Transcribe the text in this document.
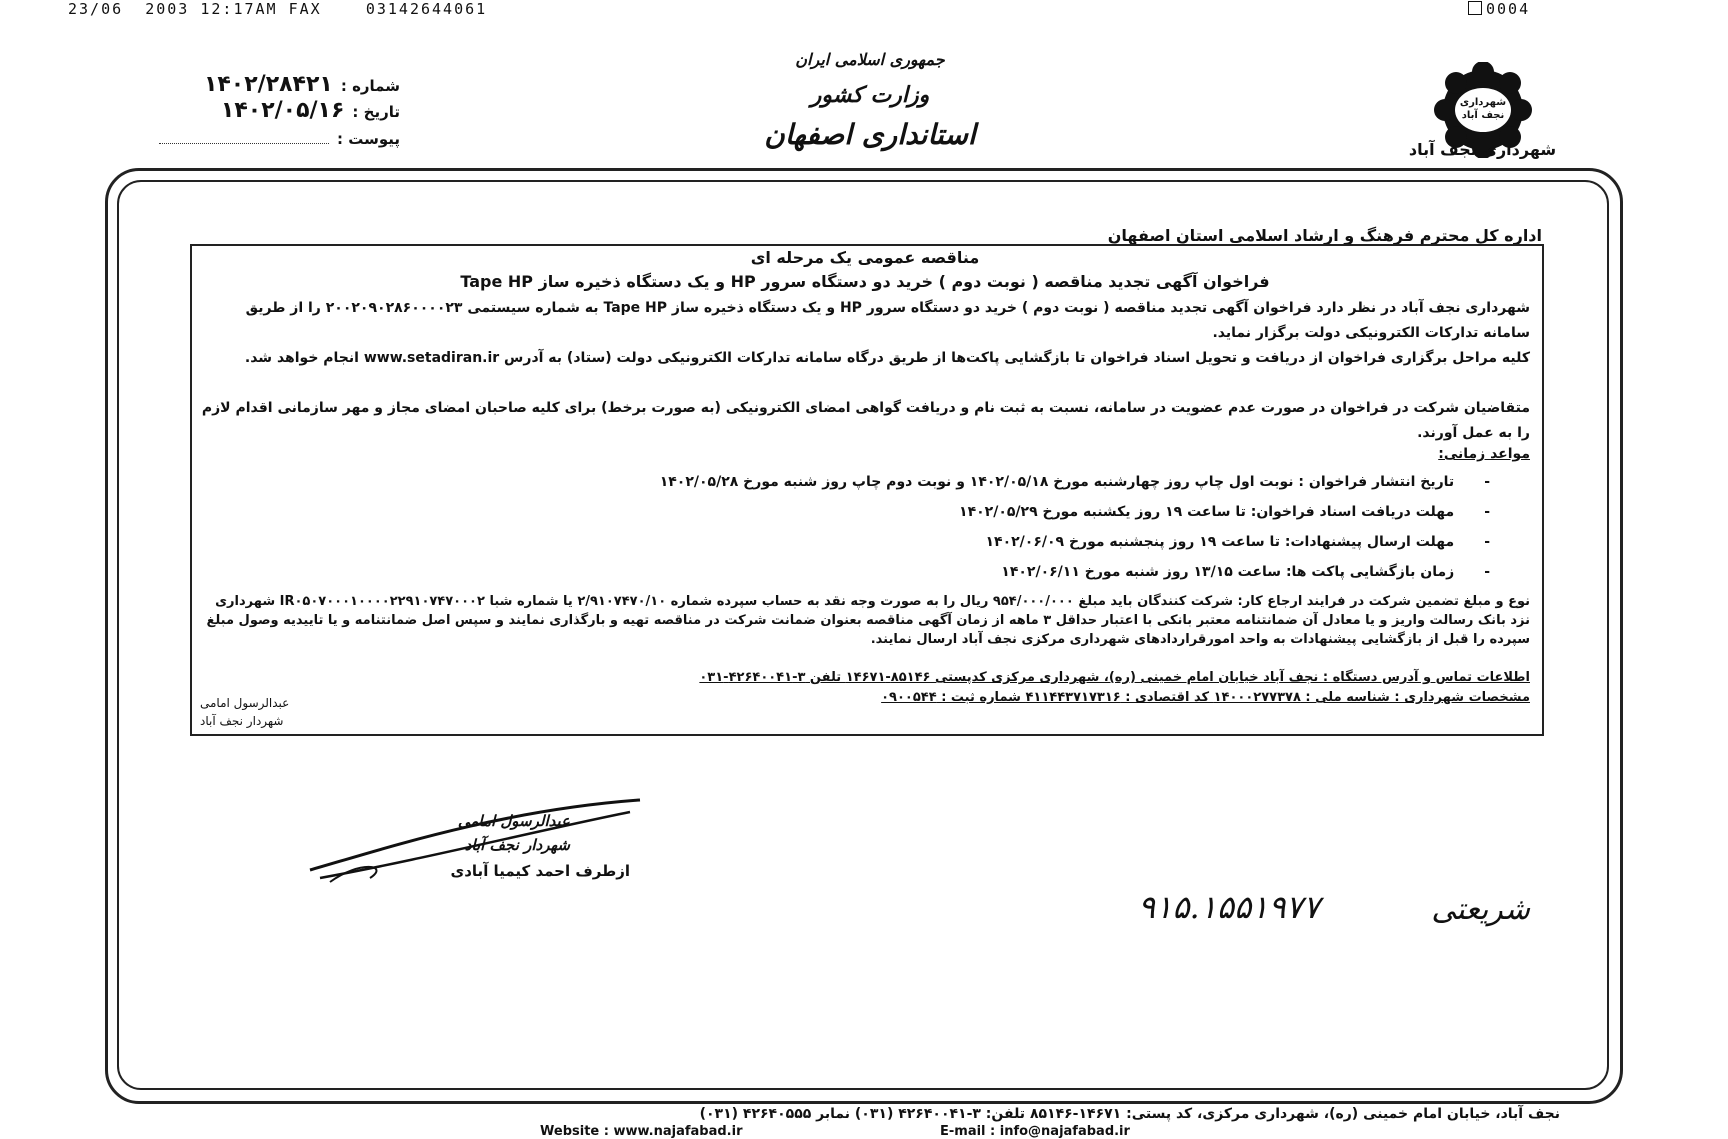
23/06 2003 12:17AM FAX	03142644061	0004
جمهوری اسلامی ایران
وزارت کشور
استانداری اصفهان
شهرداری نجف آباد
شهرداری نجف آباد
شماره :۱۴۰۲/۲۸۴۲۱
تاریخ :۱۴۰۲/۰۵/۱۶
پیوست :
اداره کل محترم فرهنگ و ارشاد اسلامی استان اصفهان
مناقصه عمومی یک مرحله ای
فراخوان آگهی تجدید مناقصه ( نوبت دوم ) خرید دو دستگاه سرور HP و یک دستگاه ذخیره ساز Tape HP
شهرداری نجف آباد در نظر دارد فراخوان آگهی تجدید مناقصه ( نوبت دوم ) خرید دو دستگاه سرور HP و یک دستگاه ذخیره ساز Tape HP به شماره سیستمی ۲۰۰۲۰۹۰۲۸۶۰۰۰۰۲۳ را از طریق سامانه تدارکات الکترونیکی دولت برگزار نماید.
کلیه مراحل برگزاری فراخوان از دریافت و تحویل اسناد فراخوان تا بازگشایی پاکت‌ها از طریق درگاه سامانه تدارکات الکترونیکی دولت (ستاد) به آدرس www.setadiran.ir انجام خواهد شد.
متقاضیان شرکت در فراخوان در صورت عدم عضویت در سامانه، نسبت به ثبت نام و دریافت گواهی امضای الکترونیکی (به صورت برخط) برای کلیه صاحبان امضای مجاز و مهر سازمانی اقدام لازم را به عمل آورند.
مواعد زمانی:
-تاریخ انتشار فراخوان : نوبت اول چاپ روز چهارشنبه مورخ ۱۴۰۲/۰۵/۱۸ و نوبت دوم چاپ روز شنبه مورخ ۱۴۰۲/۰۵/۲۸
-مهلت دریافت اسناد فراخوان: تا ساعت ۱۹ روز یکشنبه مورخ ۱۴۰۲/۰۵/۲۹
-مهلت ارسال پیشنهادات: تا ساعت ۱۹ روز پنجشنبه مورخ ۱۴۰۲/۰۶/۰۹
-زمان بازگشایی پاکت ها: ساعت ۱۳/۱۵ روز شنبه مورخ ۱۴۰۲/۰۶/۱۱
نوع و مبلغ تضمین شرکت در فرایند ارجاع کار: شرکت کنندگان باید مبلغ ۹۵۴/۰۰۰/۰۰۰ ریال را به صورت وجه نقد به حساب سپرده شماره ۲/۹۱۰۷۴۷۰/۱۰ یا شماره شبا IR۰۵۰۷۰۰۰۱۰۰۰۰۲۲۹۱۰۷۴۷۰۰۰۲ شهرداری نزد بانک رسالت واریز و یا معادل آن ضمانتنامه معتبر بانکی با اعتبار حداقل ۳ ماهه از زمان آگهی مناقصه بعنوان ضمانت شرکت در مناقصه تهیه و بارگذاری نمایند و سپس اصل ضمانتنامه و یا تاییدیه وصول مبلغ سپرده را قبل از بازگشایی پیشنهادات به واحد امورقراردادهای شهرداری مرکزی نجف آباد ارسال نمایند.
اطلاعات تماس و آدرس دستگاه : نجف آباد خیابان امام خمینی (ره)، شهرداری مرکزی کدپستی ۸۵۱۴۶-۱۴۶۷۱ تلفن ۳-۴۲۶۴۰۰۴۱-۰۳۱
مشخصات شهرداری : شناسه ملی : ۱۴۰۰۰۲۷۷۳۷۸ کد اقتصادی : ۴۱۱۴۴۳۷۱۷۳۱۶ شماره ثبت : ۰۹۰۰۵۴۴
عبدالرسول امامی
شهردار نجف آباد
عبدالرسول امامی
شهردار نجف آباد
ازطرف احمد کیمیا آبادی
۹۱۵.۱۵۵۱۹۷۷	شریعتی
نجف آباد، خیابان امام خمینی (ره)، شهرداری مرکزی، کد پستی: ۱۴۶۷۱-۸۵۱۴۶ تلفن: ۳-۴۲۶۴۰۰۴۱ (۰۳۱) نمابر ۴۲۶۴۰۵۵۵ (۰۳۱)
Website : www.najafabad.ir	E-mail : info@najafabad.ir
